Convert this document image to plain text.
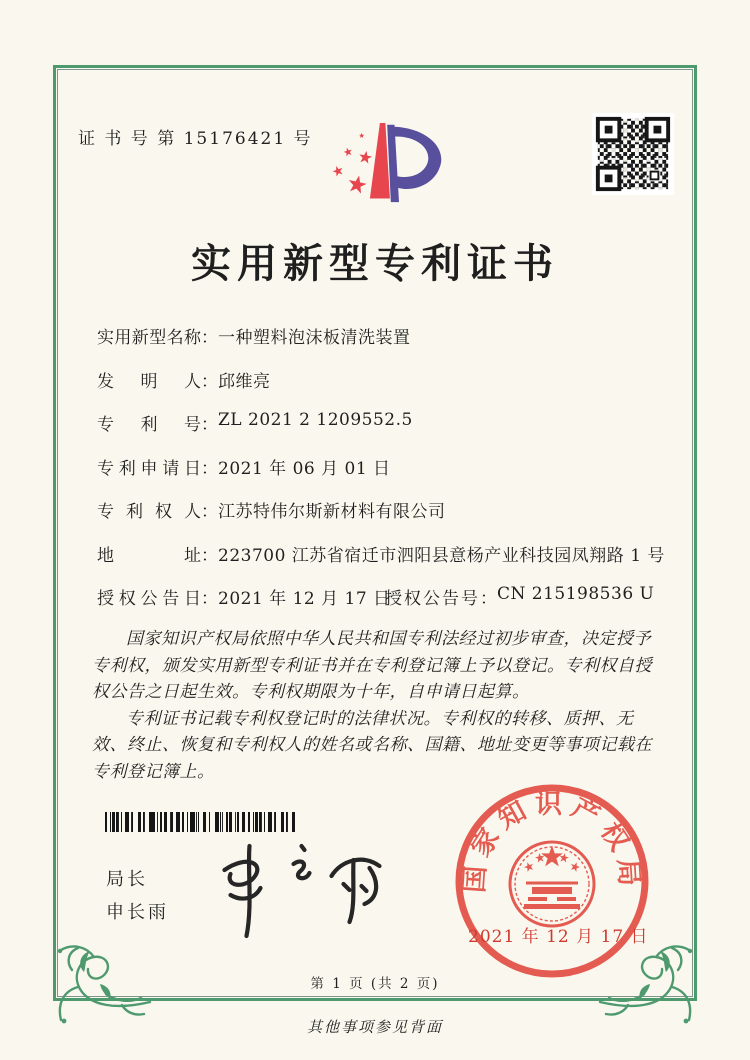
证 书 号 第 15176421 号
实用新型专利证书
实用新型名称：一种塑料泡沫板清洗装置
发明人：邱维亮
专利号：ZL 2021 2 1209552.5
专利申请日：2021 年 06 月 01 日
专利权人：江苏特伟尔斯新材料有限公司
地址：223700 江苏省宿迁市泗阳县意杨产业科技园凤翔路 1 号
授权公告日：2021 年 12 月 17 日
授权公告号：CN 215198536 U

国家知识产权局依照中华人民共和国专利法经过初步审查，决定授予专利权，颁发实用新型专利证书并在专利登记簿上予以登记。专利权自授权公告之日起生效。专利权期限为十年，自申请日起算。

专利证书记载专利权登记时的法律状况。专利权的转移、质押、无效、终止、恢复和专利权人的姓名或名称、国籍、地址变更等事项记载在专利登记簿上。

局长
申长雨
国家知识产权局
2021 年 12 月 17 日
第 1 页 (共 2 页)
其他事项参见背面
